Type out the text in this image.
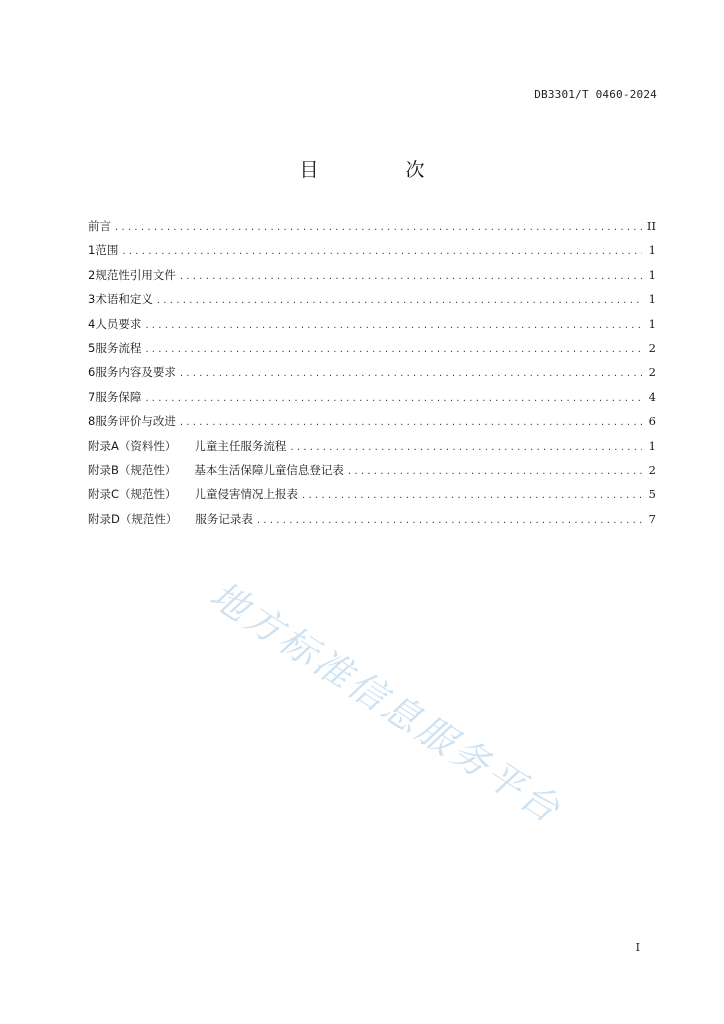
DB3301/T 0460-2024
目　次
前言 .....	II
1 范围 .....	1
2 规范性引用文件 .....	1
3 术语和定义 .....	1
4 人员要求 .....	1
5 服务流程 .....	2
6 服务内容及要求 .....	2
7 服务保障 .....	4
8 服务评价与改进 .....	6
附录A（资料性） 儿童主任服务流程 .....	1
附录B（规范性） 基本生活保障儿童信息登记表 .....	2
附录C（规范性） 儿童侵害情况上报表 .....	5
附录D（规范性） 服务记录表 .....	7
地方标准信息服务平台
I
